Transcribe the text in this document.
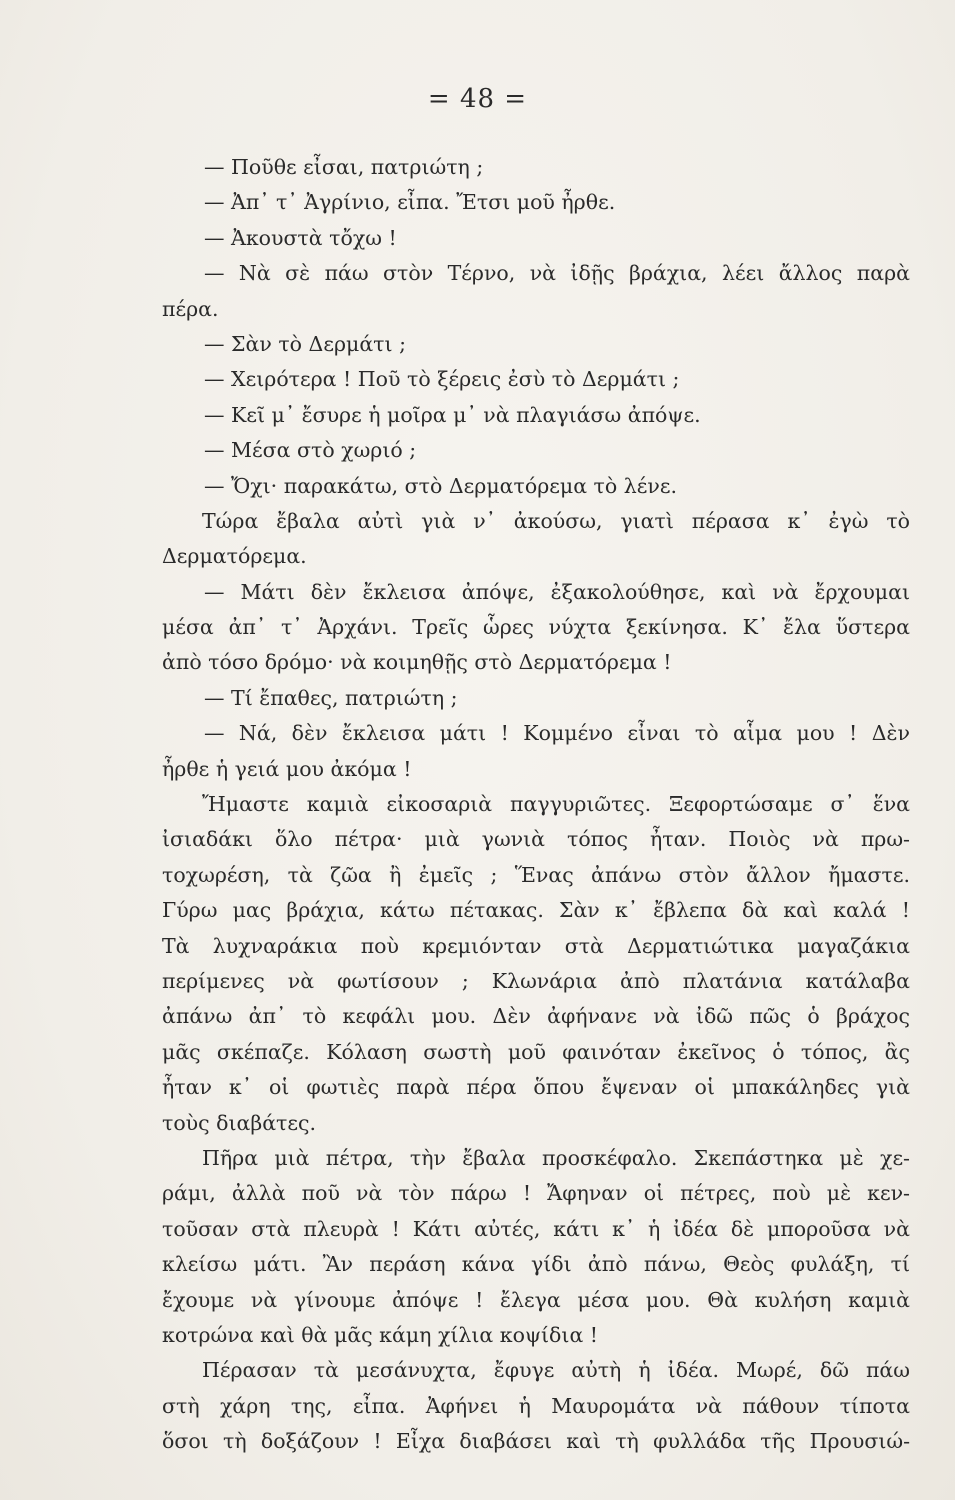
= 48 =
— Ποῦθε εἶσαι, πατριώτη ;
— Ἀπ᾽ τ᾽ Ἀγρίνιο, εἶπα. Ἔτσι μοῦ ἦρθε.
— Ἀκουστὰ τὄχω !
— Νὰ σὲ πάω στὸν Τέρνο, νὰ ἰδῇς βράχια, λέει ἄλλος παρὰ
πέρα.
— Σὰν τὸ Δερμάτι ;
— Χειρότερα ! Ποῦ τὸ ξέρεις ἐσὺ τὸ Δερμάτι ;
— Κεῖ μ᾽ ἔσυρε ἡ μοῖρα μ᾽ νὰ πλαγιάσω ἀπόψε.
— Μέσα στὸ χωριό ;
— Ὄχι· παρακάτω, στὸ Δερματόρεμα τὸ λένε.
Τώρα ἔβαλα αὐτὶ γιὰ ν᾽ ἀκούσω, γιατὶ πέρασα κ᾽ ἐγὼ τὸ
Δερματόρεμα.
— Μάτι δὲν ἔκλεισα ἀπόψε, ἐξακολούθησε, καὶ νὰ ἔρχουμαι
μέσα ἀπ᾽ τ᾽ Ἀρχάνι. Τρεῖς ὧρες νύχτα ξεκίνησα. Κ᾽ ἔλα ὕστερα
ἀπὸ τόσο δρόμο· νὰ κοιμηθῇς στὸ Δερματόρεμα !
— Τί ἔπαθες, πατριώτη ;
— Νά, δὲν ἔκλεισα μάτι ! Κομμένο εἶναι τὸ αἷμα μου ! Δὲν
ἦρθε ἡ γειά μου ἀκόμα !
Ἤμαστε καμιὰ εἰκοσαριὰ παγγυριῶτες. Ξεφορτώσαμε σ᾽ ἕνα
ἰσιαδάκι ὅλο πέτρα· μιὰ γωνιὰ τόπος ἦταν. Ποιὸς νὰ πρω-
τοχωρέση, τὰ ζῶα ἢ ἐμεῖς ; Ἕνας ἀπάνω στὸν ἄλλον ἤμαστε.
Γύρω μας βράχια, κάτω πέτακας. Σὰν κ᾽ ἔβλεπα δὰ καὶ καλά !
Τὰ λυχναράκια ποὺ κρεμιόνταν στὰ Δερματιώτικα μαγαζάκια
περίμενες νὰ φωτίσουν ; Κλωνάρια ἀπὸ πλατάνια κατάλαβα
ἀπάνω ἀπ᾽ τὸ κεφάλι μου. Δὲν ἀφήνανε νὰ ἰδῶ πῶς ὁ βράχος
μᾶς σκέπαζε. Κόλαση σωστὴ μοῦ φαινόταν ἐκεῖνος ὁ τόπος, ἂς
ἦταν κ᾽ οἱ φωτιὲς παρὰ πέρα ὅπου ἔψεναν οἱ μπακάληδες γιὰ
τοὺς διαβάτες.
Πῆρα μιὰ πέτρα, τὴν ἔβαλα προσκέφαλο. Σκεπάστηκα μὲ χε-
ράμι, ἀλλὰ ποῦ νὰ τὸν πάρω ! Ἄφηναν οἱ πέτρες, ποὺ μὲ κεν-
τοῦσαν στὰ πλευρὰ ! Κάτι αὐτές, κάτι κ᾽ ἡ ἰδέα δὲ μποροῦσα νὰ
κλείσω μάτι. Ἂν περάση κάνα γίδι ἀπὸ πάνω, Θεὸς φυλάξη, τί
ἔχουμε νὰ γίνουμε ἀπόψε ! ἔλεγα μέσα μου. Θὰ κυλήση καμιὰ
κοτρώνα καὶ θὰ μᾶς κάμη χίλια κοψίδια !
Πέρασαν τὰ μεσάνυχτα, ἔφυγε αὐτὴ ἡ ἰδέα. Μωρέ, δῶ πάω
στὴ χάρη της, εἶπα. Ἀφήνει ἡ Μαυρομάτα νὰ πάθουν τίποτα
ὅσοι τὴ δοξάζουν ! Εἶχα διαβάσει καὶ τὴ φυλλάδα τῆς Προυσιώ-
